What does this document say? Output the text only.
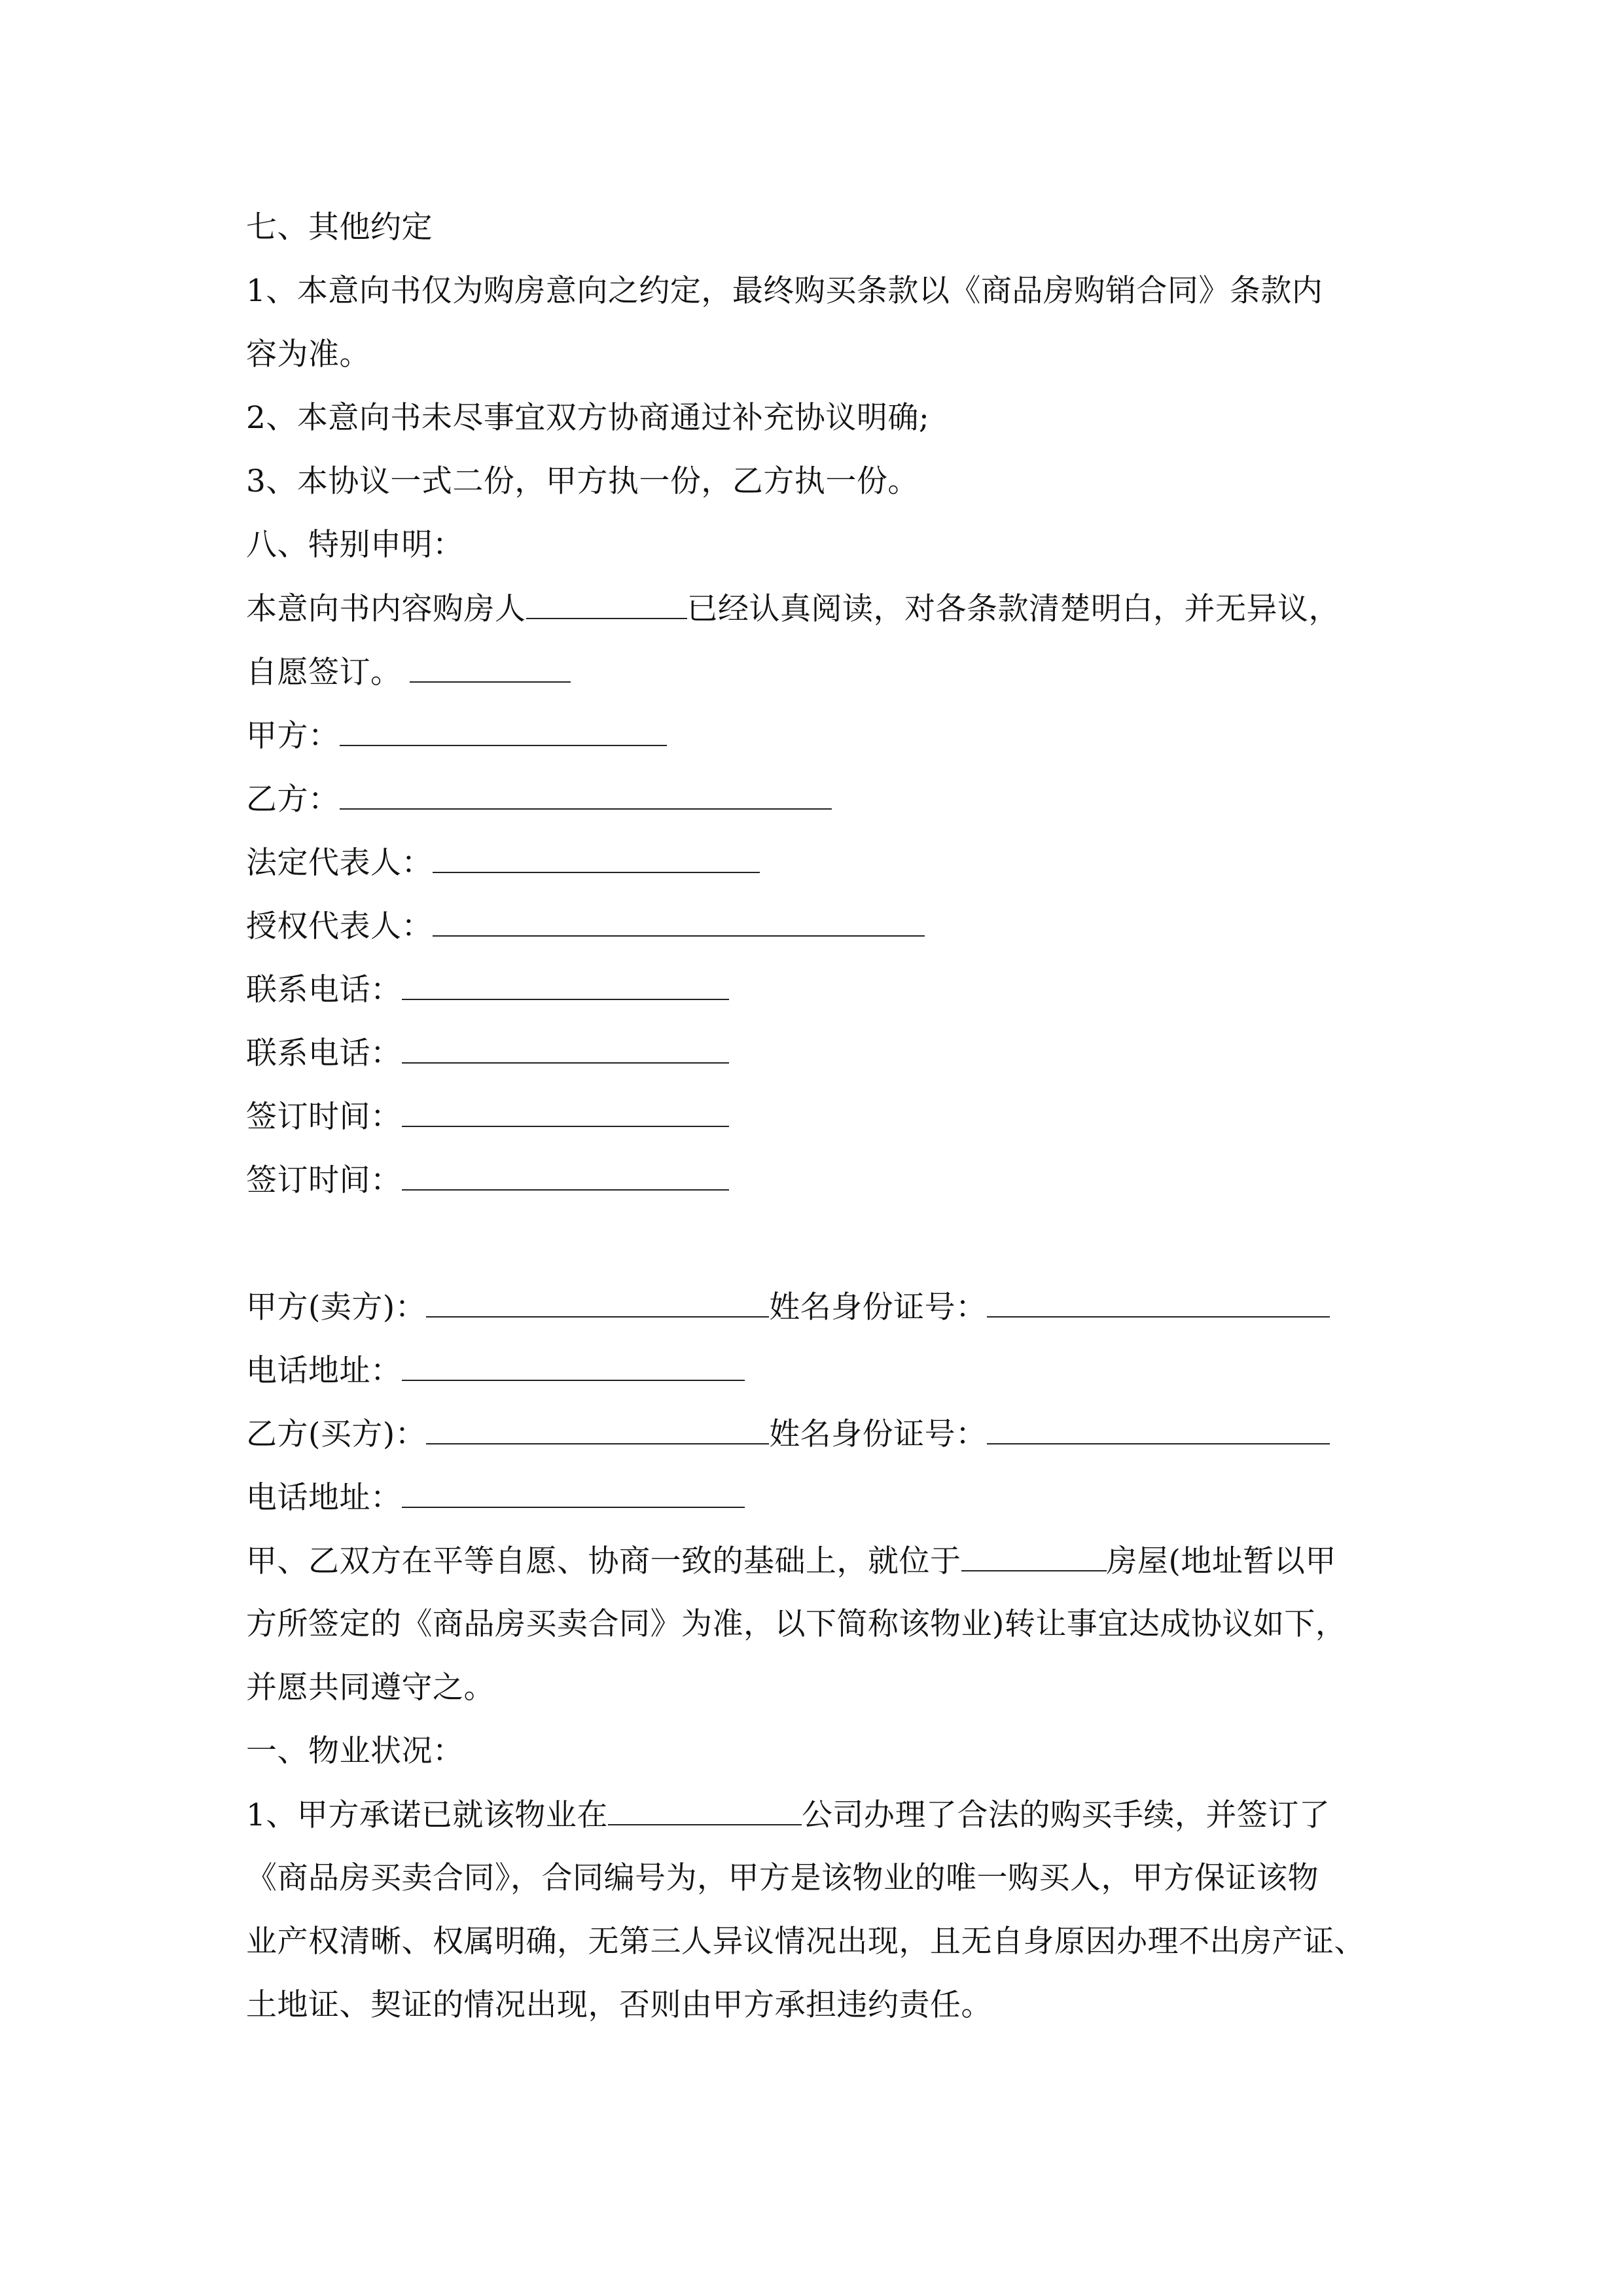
七、其他约定
1、本意向书仅为购房意向之约定，最终购买条款以《商品房购销合同》条款内
容为准。
2、本意向书未尽事宜双方协商通过补充协议明确;
3、本协议一式二份，甲方执一份，乙方执一份。
八、特别申明：
本意向书内容购房人	已经认真阅读，对各条款清楚明白，并无异议，
自愿签订。
甲方：
乙方：
法定代表人：
授权代表人：
联系电话：
联系电话：
签订时间：
签订时间：
甲方(卖方)：	姓名身份证号：
电话地址：
乙方(买方)：	姓名身份证号：
电话地址：
甲、乙双方在平等自愿、协商一致的基础上，就位于	房屋(地址暂以甲
方所签定的《商品房买卖合同》为准，以下简称该物业)转让事宜达成协议如下，
并愿共同遵守之。
一、物业状况：
1、甲方承诺已就该物业在	公司办理了合法的购买手续，并签订了
《商品房买卖合同》，合同编号为，甲方是该物业的唯一购买人，甲方保证该物
业产权清晰、权属明确，无第三人异议情况出现，且无自身原因办理不出房产证、
土地证、契证的情况出现，否则由甲方承担违约责任。
